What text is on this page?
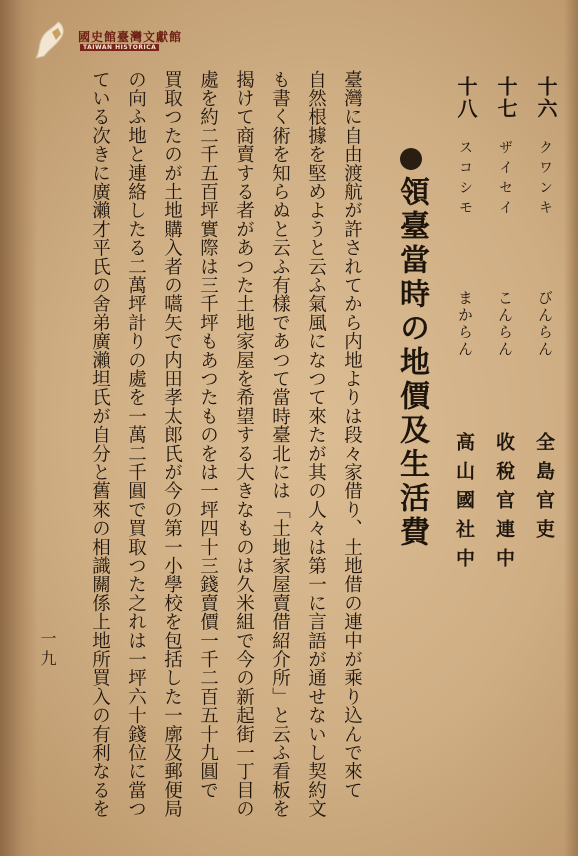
國史館臺灣文獻館
TAIWAN HISTORICA
十六
クワンキ
びんらん
全島官吏
十七
ザイセイ
こんらん
收稅官連中
十八
スコシモ
まからん
高山國社中
領臺當時の地價及生活費
臺灣に自由渡航が許されてから内地よりは段々家借り、土地借の連中が乘り込んで來て
自然根據を堅めようと云ふ氣風になつて來たが其の人々は第一に言語が通せないし契約文
も書く術を知らぬと云ふ有樣であつて當時臺北には「土地家屋賣借紹介所」と云ふ看板を
揭けて商賣する者があつた土地家屋を希望する大きなものは久米組で今の新起街一丁目の
處を約二千五百坪實際は三千坪もあつたものをは一坪四十三錢賣價一千二百五十九圓で
買取つたのが土地購入者の嚆矢で内田孝太郎氏が今の第一小學校を包括した一廓及郵便局
の向ふ地と連絡したる二萬坪計りの處を一萬二千圓で買取つた之れは一坪六十錢位に當つ
ている次きに廣瀨才平氏の舍弟廣瀨坦氏が自分と舊來の相識關係上地所買入の有利なるを
一九
